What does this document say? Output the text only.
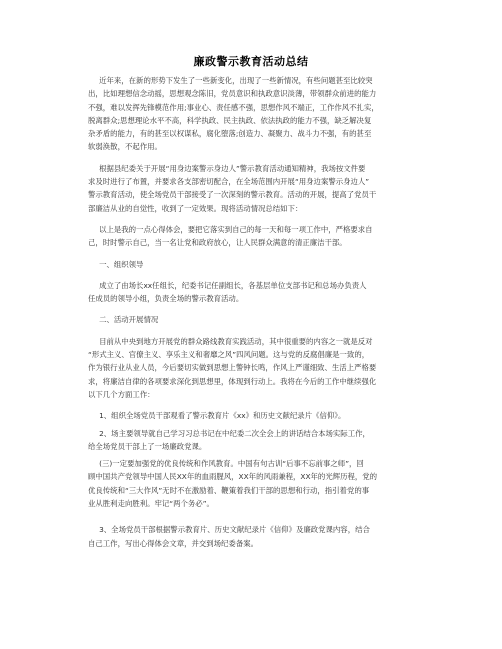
廉政警示教育活动总结

近年来，在新的形势下发生了一些新变化，出现了一些新情况，有些问题甚至比较突

出，比如理想信念动摇，思想观念陈旧，党员意识和执政意识淡薄，带领群众前进的能力

不强，难以发挥先锋模范作用;事业心、责任感不强，思想作风不端正，工作作风不扎实，

脱离群众;思想理论水平不高，科学执政、民主执政、依法执政的能力不强，缺乏解决复

杂矛盾的能力，有的甚至以权谋私，腐化堕落;创造力、凝聚力、战斗力不强，有的甚至

软弱涣散，不起作用。

根据县纪委关于开展“用身边案警示身边人”警示教育活动通知精神，我场按文件要

求及时进行了布置，并要求各支部密切配合，在全场范围内开展“用身边案警示身边人”

警示教育活动，使全场党员干部接受了一次深刻的警示教育。活动的开展，提高了党员干

部廉洁从业的自觉性，收到了一定效果。现将活动情况总结如下：

以上是我的一点心得体会，要把它落实到自己的每一天和每一项工作中，严格要求自

己，时时警示自己，当一名让党和政府放心，让人民群众满意的清正廉洁干部。

一、组织领导

成立了由场长xx任组长，纪委书记任副组长，各基层单位支部书记和总场办负责人

任成员的领导小组，负责全场的警示教育活动。

二、活动开展情况

目前从中央到地方开展党的群众路线教育实践活动，其中很重要的内容之一就是反对

“形式主义、官僚主义、享乐主义和奢靡之风”四风问题。这与党的反腐倡廉是一致的，

作为银行业从业人员，今后要切实做到思想上警钟长鸣，作风上严谨细致、生活上严格要

求，将廉洁自律的各项要求深化到思想里，体现到行动上。我将在今后的工作中继续强化

以下几个方面工作：

1、组织全场党员干部观看了警示教育片《xx》和历史文献纪录片《信仰》。

2、场主要领导就自己学习习总书记在中纪委二次全会上的讲话结合本场实际工作，

给全场党员干部上了一场廉政党课。

(三)一定要加强党的优良传统和作风教育。中国有句古训“后事不忘前事之师”，回

顾中国共产党领导中国人民XX年的血雨腥风，XX年的风雨兼程，XX年的光辉历程，党的

优良传统和“三大作风”无时不在激励着、鞭策着我们干部的思想和行动，指引着党的事

业从胜利走向胜利。牢记“两个务必”。

3、全场党员干部根据警示教育片、历史文献纪录片《信仰》及廉政党课内容，结合

自己工作，写出心得体会文章，并交到场纪委备案。
